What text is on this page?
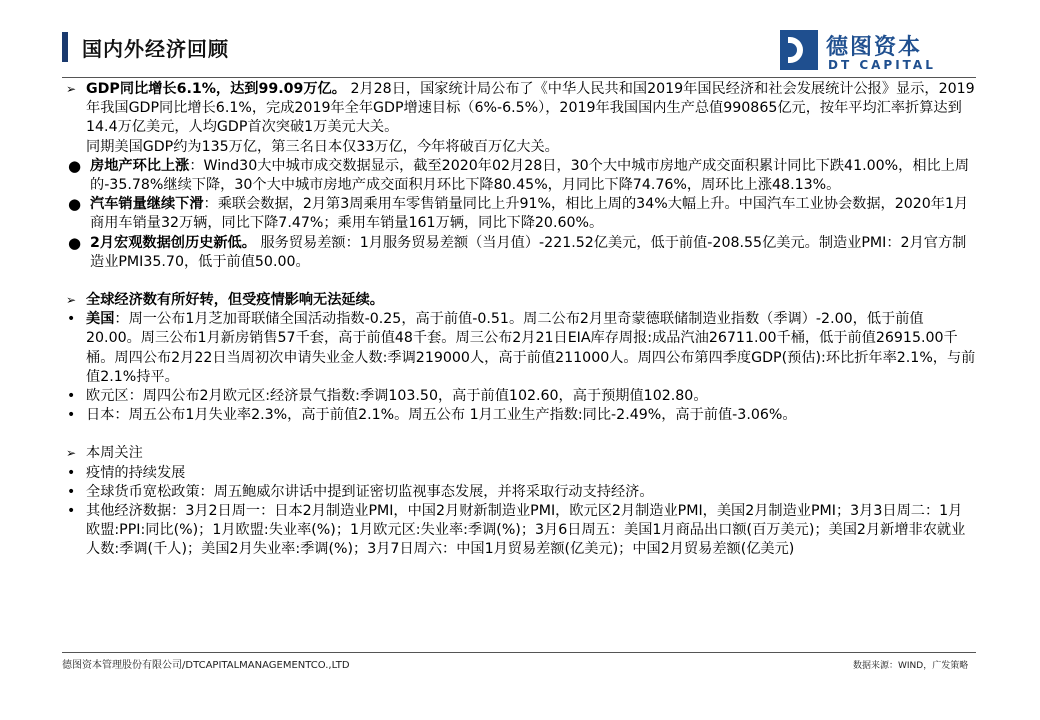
国内外经济回顾	德图资本
DT CAPITAL
➢ GDP同比增长6.1%，达到99.09万亿。 2月28日，国家统计局公布了《中华人民共和国2019年国民经济和社会发展统计公报》显示，2019年我国GDP同比增长6.1%，完成2019年全年GDP增速目标（6%-6.5%），2019年我国国内生产总值990865亿元，按年平均汇率折算达到14.4万亿美元，人均GDP首次突破1万美元大关。
同期美国GDP约为135万亿，第三名日本仅33万亿，今年将破百万亿大关。
● 房地产环比上涨：Wind30大中城市成交数据显示，截至2020年02月28日，30个大中城市房地产成交面积累计同比下跌41.00%，相比上周的-35.78%继续下降，30个大中城市房地产成交面积月环比下降80.45%，月同比下降74.76%，周环比上涨48.13%。
● 汽车销量继续下滑：乘联会数据，2月第3周乘用车零售销量同比上升91%，相比上周的34%大幅上升。中国汽车工业协会数据，2020年1月商用车销量32万辆，同比下降7.47%；乘用车销量161万辆，同比下降20.60%。
● 2月宏观数据创历史新低。 服务贸易差额：1月服务贸易差额（当月值）-221.52亿美元，低于前值-208.55亿美元。制造业PMI：2月官方制造业PMI35.70，低于前值50.00。
➢ 全球经济数有所好转，但受疫情影响无法延续。
• 美国：周一公布1月芝加哥联储全国活动指数-0.25，高于前值-0.51。周二公布2月里奇蒙德联储制造业指数（季调）-2.00，低于前值20.00。周三公布1月新房销售57千套，高于前值48千套。周三公布2月21日EIA库存周报:成品汽油26711.00千桶，低于前值26915.00千桶。周四公布2月22日当周初次申请失业金人数:季调219000人，高于前值211000人。周四公布第四季度GDP(预估):环比折年率2.1%，与前值2.1%持平。
• 欧元区：周四公布2月欧元区:经济景气指数:季调103.50，高于前值102.60，高于预期值102.80。
• 日本：周五公布1月失业率2.3%，高于前值2.1%。周五公布 1月工业生产指数:同比-2.49%，高于前值-3.06%。
➢ 本周关注
• 疫情的持续发展
• 全球货币宽松政策：周五鲍威尔讲话中提到证密切监视事态发展，并将采取行动支持经济。
• 其他经济数据：3月2日周一：日本2月制造业PMI，中国2月财新制造业PMI，欧元区2月制造业PMI，美国2月制造业PMI；3月3日周二：1月欧盟:PPI:同比(%)；1月欧盟:失业率(%)；1月欧元区:失业率:季调(%)；3月6日周五：美国1月商品出口额(百万美元)；美国2月新增非农就业人数:季调(千人)；美国2月失业率:季调(%)；3月7日周六：中国1月贸易差额(亿美元)；中国2月贸易差额(亿美元)
德图资本管理股份有限公司/DTCAPITALMANAGEMENTCO.,LTD	数据来源：WIND，广发策略
